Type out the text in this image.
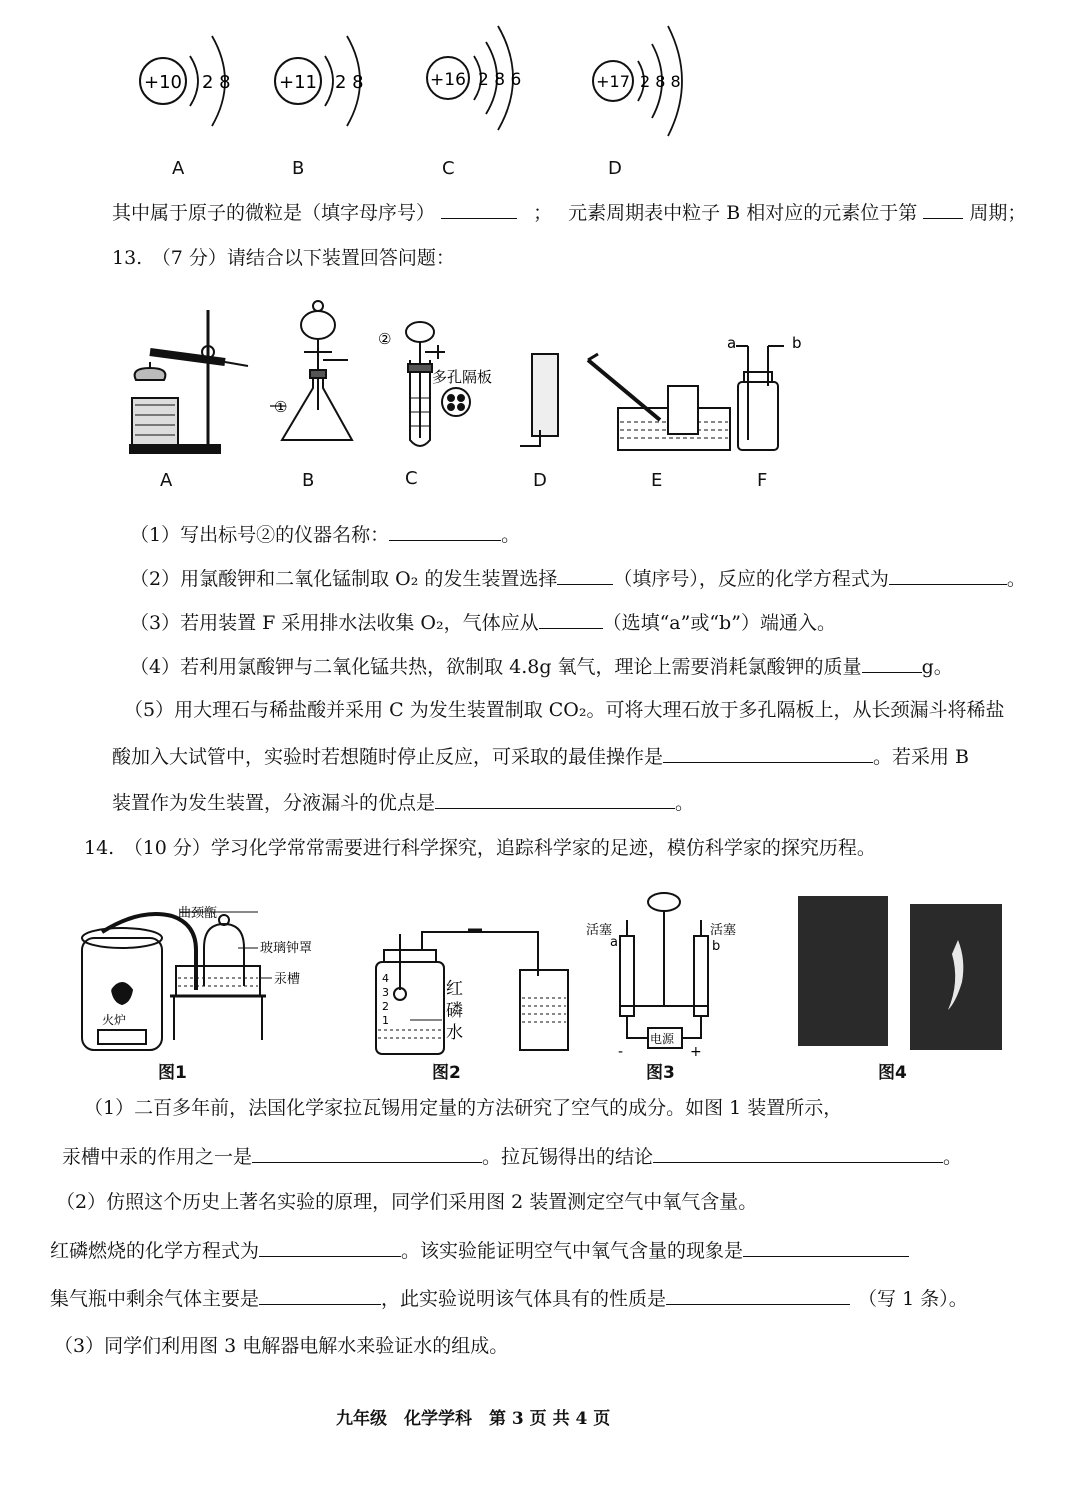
+10 2 8	+11 2 8	+16 2 8 6	+17 2 8 8
A	B	C	D
其中属于原子的微粒是（填字母序号）	； 元素周期表中粒子 B 相对应的元素位于第	周期；
13.　（7 分）请结合以下装置回答问题：
①
②
多孔隔板
a	b
A	B	C	D	E	F
（1）写出标号②的仪器名称：	。
（2）用氯酸钾和二氧化锰制取 O₂ 的发生装置选择	（填序号），反应的化学方程式为	。
（3）若用装置 F 采用排水法收集 O₂，气体应从	（选填“a”或“b”）端通入。
（4）若利用氯酸钾与二氧化锰共热，欲制取 4.8g 氧气，理论上需要消耗氯酸钾的质量	g。
（5）用大理石与稀盐酸并采用 C 为发生装置制取 CO₂。可将大理石放于多孔隔板上，从长颈漏斗将稀盐
酸加入大试管中，实验时若想随时停止反应，可采取的最佳操作是	。若采用 B
装置作为发生装置，分液漏斗的优点是	。
14.　（10 分）学习化学常常需要进行科学探究，追踪科学家的足迹，模仿科学家的探究历程。
曲颈甑
玻璃钟罩
汞槽
火炉
4
3
2
1
红
磷
水
活塞	活塞
a	b
电源
-	+
图1	图2	图3	图4
（1）二百多年前，法国化学家拉瓦锡用定量的方法研究了空气的成分。如图 1 装置所示，
汞槽中汞的作用之一是	。拉瓦锡得出的结论	。
（2）仿照这个历史上著名实验的原理，同学们采用图 2 装置测定空气中氧气含量。
红磷燃烧的化学方程式为	。该实验能证明空气中氧气含量的现象是
集气瓶中剩余气体主要是	，此实验说明该气体具有的性质是	（写 1 条）。
（3）同学们利用图 3 电解器电解水来验证水的组成。
九年级　化学学科　第 3 页 共 4 页
